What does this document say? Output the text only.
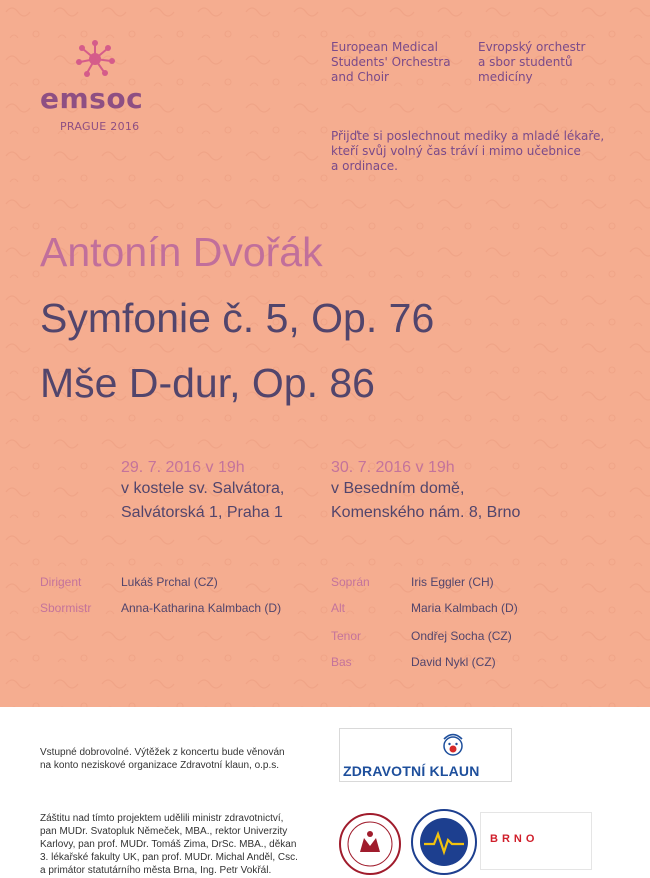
emsoc
PRAGUE 2016
European Medical
Students' Orchestra
and Choir
Evropský orchestr
a sbor studentů
medicíny
Přijďte si poslechnout mediky a mladé lékaře,
kteří svůj volný čas tráví i mimo učebnice
a ordinace.
Antonín Dvořák
Symfonie č. 5, Op. 76
Mše D-dur, Op. 86
29. 7. 2016 v 19h
v kostele sv. Salvátora,
Salvátorská 1, Praha 1
30. 7. 2016 v 19h
v Besedním domě,
Komenského nám. 8, Brno
Dirigent	Lukáš Prchal (CZ)
Sbormistr Anna-Katharina Kalmbach (D)
Soprán	Iris Eggler (CH)
Alt	Maria Kalmbach (D)
Tenor	Ondřej Socha (CZ)
Bas	David Nykl (CZ)
Vstupné dobrovolné. Výtěžek z koncertu bude věnován
na konto neziskové organizace Zdravotní klaun, o.p.s.	ZDRAVOTNÍ KLAUN
Záštitu nad tímto projektem udělili ministr zdravotnictví,
pan MUDr. Svatopluk Němeček, MBA., rektor Univerzity
Karlovy, pan prof. MUDr. Tomáš Zima, DrSc. MBA., děkan
3. lékařské fakulty UK, pan prof. MUDr. Michal Anděl, Csc.
a primátor statutárního města Brna, Ing. Petr Vokřál.
BRNO
